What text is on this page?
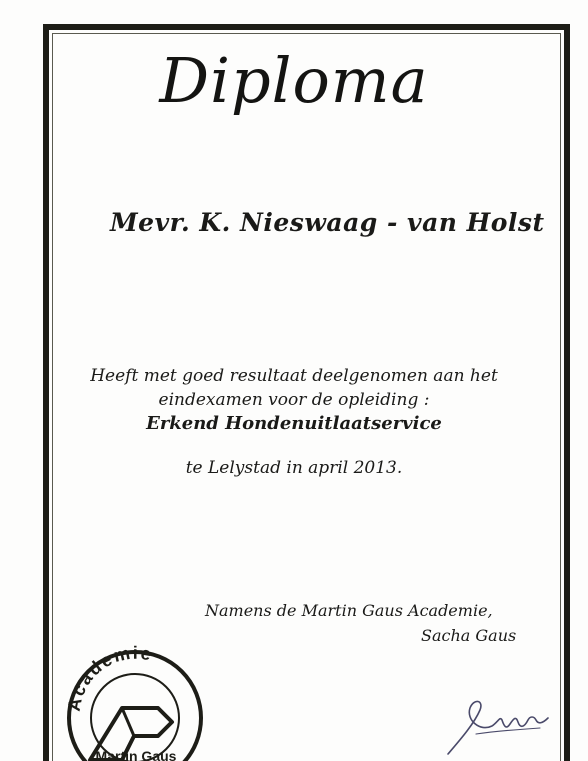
Diploma
Mevr. K. Nieswaag - van Holst
Heeft met goed resultaat deelgenomen aan het
eindexamen voor de opleiding :
Erkend Hondenuitlaatservice
te Lelystad in april 2013.
Namens de Martin Gaus Academie,
Sacha Gaus
Academie
Martin Gaus
